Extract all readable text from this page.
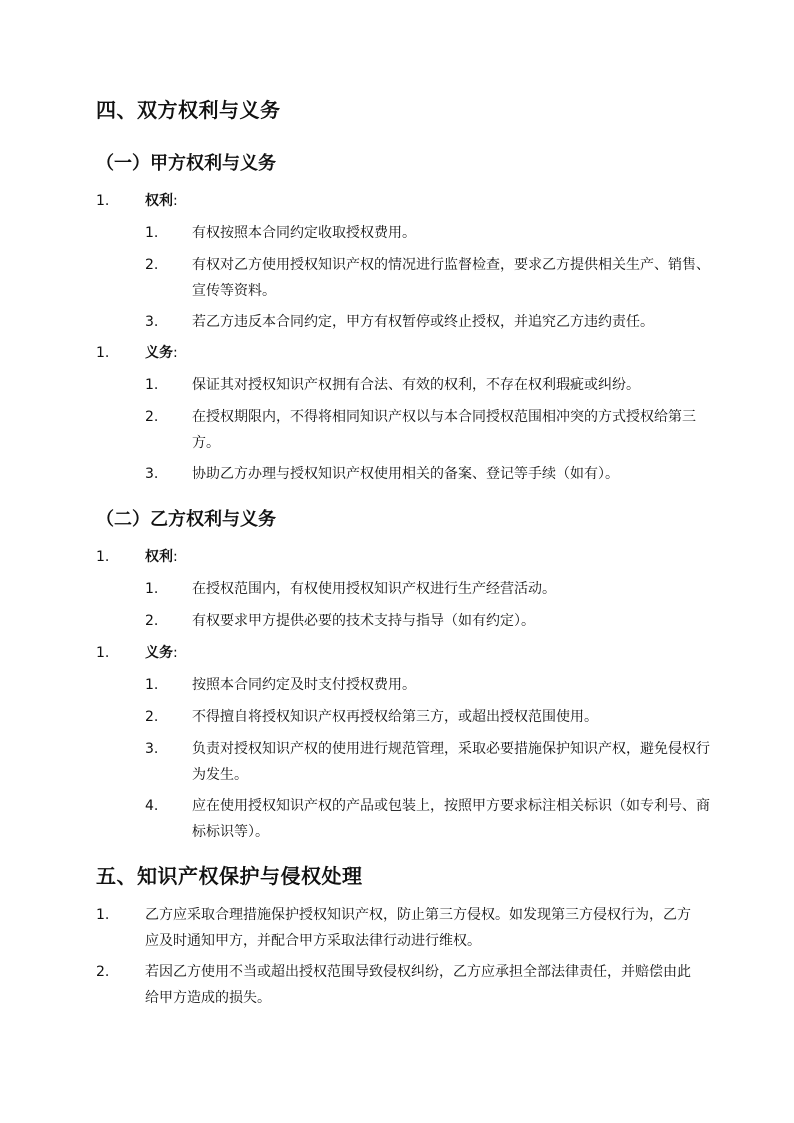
四、双方权利与义务
（一）甲方权利与义务
1.	权利:
1. 有权按照本合同约定收取授权费用。
2. 有权对乙方使用授权知识产权的情况进行监督检查，要求乙方提供相关生产、销售、宣传等资料。
3. 若乙方违反本合同约定，甲方有权暂停或终止授权，并追究乙方违约责任。
1.	义务:
1. 保证其对授权知识产权拥有合法、有效的权利，不存在权利瑕疵或纠纷。
2. 在授权期限内，不得将相同知识产权以与本合同授权范围相冲突的方式授权给第三方。
3. 协助乙方办理与授权知识产权使用相关的备案、登记等手续（如有）。
（二）乙方权利与义务
1.	权利:
1. 在授权范围内，有权使用授权知识产权进行生产经营活动。
2. 有权要求甲方提供必要的技术支持与指导（如有约定）。
1.	义务:
1. 按照本合同约定及时支付授权费用。
2. 不得擅自将授权知识产权再授权给第三方，或超出授权范围使用。
3. 负责对授权知识产权的使用进行规范管理，采取必要措施保护知识产权，避免侵权行为发生。
4. 应在使用授权知识产权的产品或包装上，按照甲方要求标注相关标识（如专利号、商标标识等）。
五、知识产权保护与侵权处理
1.	乙方应采取合理措施保护授权知识产权，防止第三方侵权。如发现第三方侵权行为，乙方应及时通知甲方，并配合甲方采取法律行动进行维权。
2.	若因乙方使用不当或超出授权范围导致侵权纠纷，乙方应承担全部法律责任，并赔偿由此给甲方造成的损失。
